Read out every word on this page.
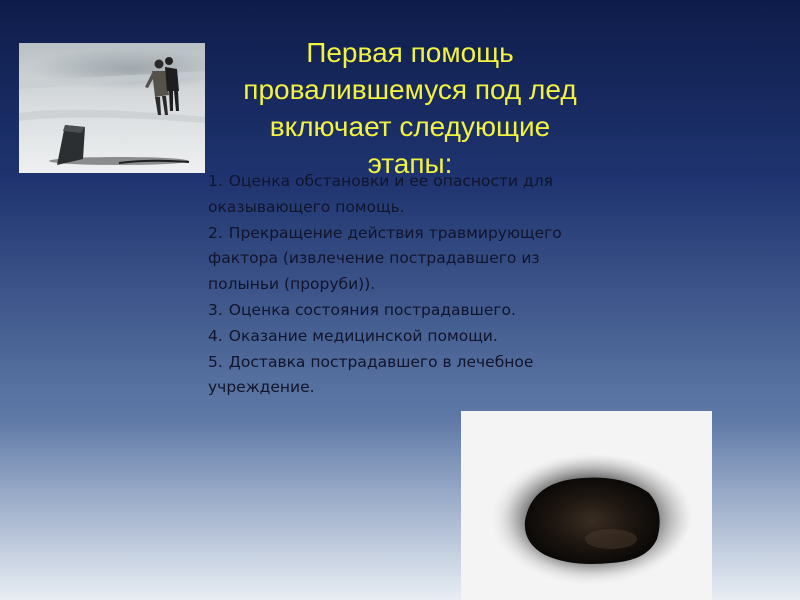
Первая помощь
провалившемуся под лед
включает следующие
этапы:
1. Оценка обстановки и ее опасности для оказывающего помощь.
2. Прекращение действия травмирующего фактора (извлечение пострадавшего из полыньи (проруби)).
3. Оценка состояния пострадавшего.
4. Оказание медицинской помощи.
5. Доставка пострадавшего в лечебное учреждение.
